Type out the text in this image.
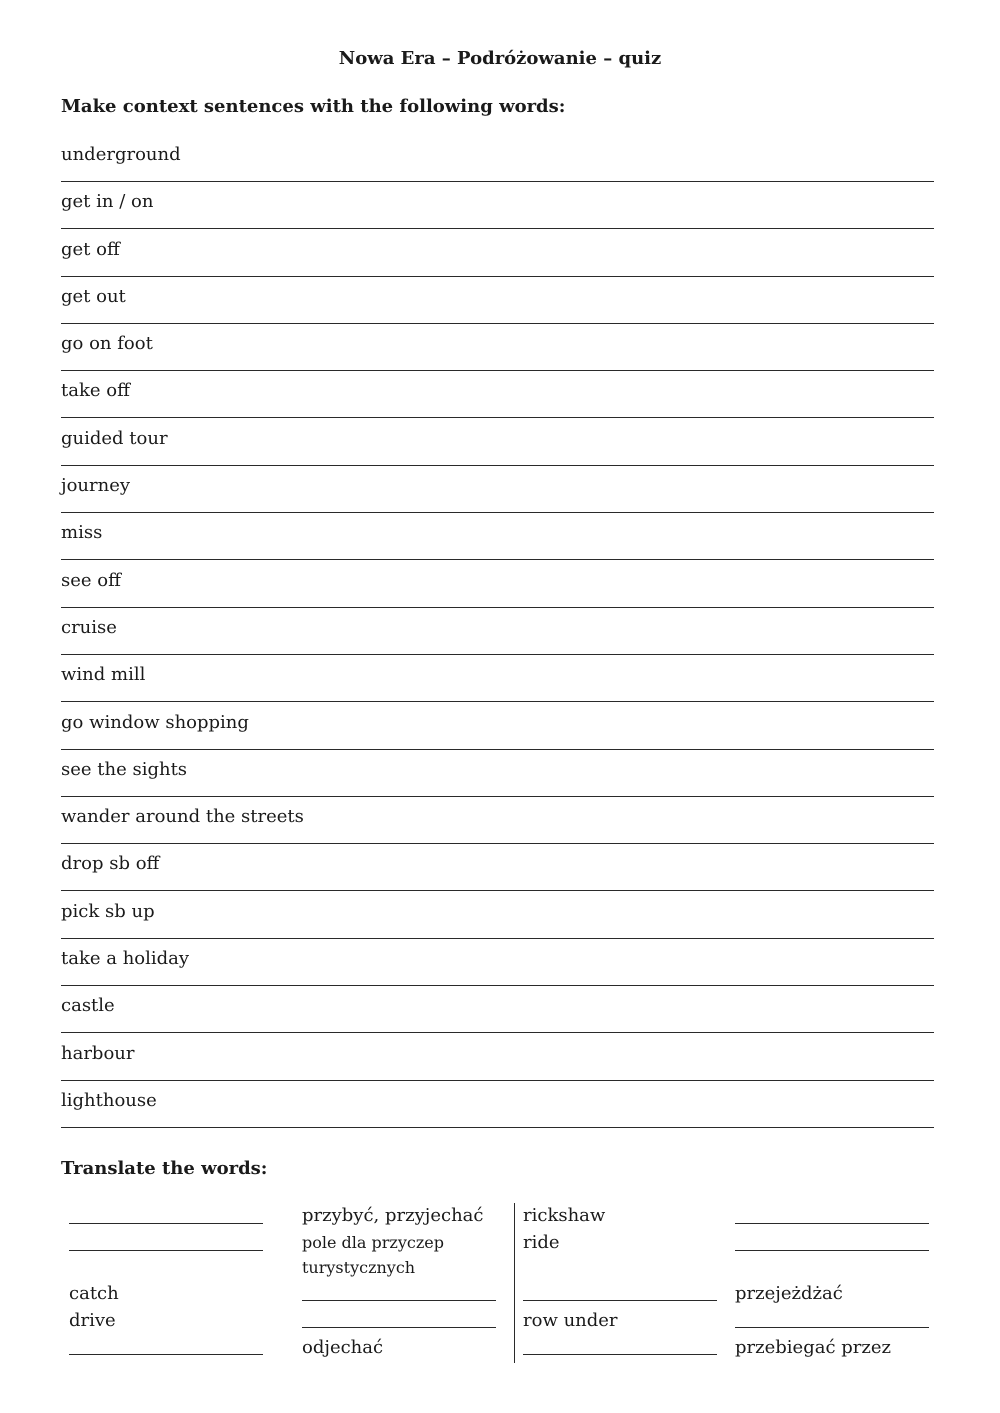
Nowa Era – Podróżowanie – quiz
Make context sentences with the following words:
underground
get in / on
get off
get out
go on foot
take off
guided tour
journey
miss
see off
cruise
wind mill
go window shopping
see the sights
wander around the streets
drop sb off
pick sb up
take a holiday
castle
harbour
lighthouse
Translate the words:
przybyć, przyjechać
pole dla przyczep
turystycznych
catch
drive
odjechać
rickshaw
ride
przejeżdżać
row under
przebiegać przez
